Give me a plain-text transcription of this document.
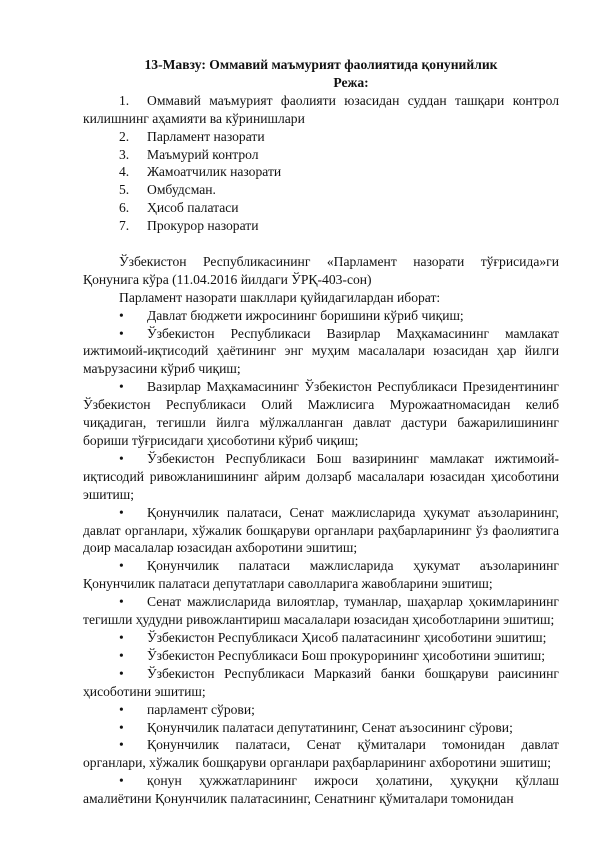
13-Мавзу: Оммавий маъмурият фаолиятида қонунийлик
Режа:
1. Оммавий маъмурият фаолияти юзасидан суддан ташқари контрол килишнинг аҳамияти ва кўринишлари
2.	Парламент назорати
3.	Маъмурий контрол
4.	Жамоатчилик назорати
5.	Омбудсман.
6.	Ҳисоб палатаси
7.	Прокурор назорати
Ўзбекистон Республикасининг «Парламент назорати тўғрисида»ги Қонунига кўра (11.04.2016 йилдаги ЎРҚ-403-сон)
Парламент назорати шакллари қуйидагилардан иборат:
• Давлат бюджети ижросининг боришини кўриб чиқиш;
• Ўзбекистон Республикаси Вазирлар Маҳкамасининг мамлакат ижтимоий-иқтисодий ҳаётининг энг муҳим масалалари юзасидан ҳар йилги маърузасини кўриб чиқиш;
• Вазирлар Маҳкамасининг Ўзбекистон Республикаси Президентининг Ўзбекистон Республикаси Олий Мажлисига Мурожаатномасидан келиб чиқадиган, тегишли йилга мўлжалланган давлат дастури бажарилишининг бориши тўғрисидаги ҳисоботини кўриб чиқиш;
• Ўзбекистон Республикаси Бош вазирининг мамлакат ижтимоий-иқтисодий ривожланишининг айрим долзарб масалалари юзасидан ҳисоботини эшитиш;
• Қонунчилик палатаси, Сенат мажлисларида ҳукумат аъзоларининг, давлат органлари, хўжалик бошқаруви органлари раҳбарларининг ўз фаолиятига доир масалалар юзасидан ахборотини эшитиш;
• Қонунчилик палатаси мажлисларида ҳукумат аъзоларининг Қонунчилик палатаси депутатлари саволларига жавобларини эшитиш;
• Сенат мажлисларида вилоятлар, туманлар, шаҳарлар ҳокимларининг тегишли ҳудудни ривожлантириш масалалари юзасидан ҳисоботларини эшитиш;
• Ўзбекистон Республикаси Ҳисоб палатасининг ҳисоботини эшитиш;
• Ўзбекистон Республикаси Бош прокурорининг ҳисоботини эшитиш;
• Ўзбекистон Республикаси Марказий банки бошқаруви раисининг ҳисоботини эшитиш;
• парламент сўрови;
• Қонунчилик палатаси депутатининг, Сенат аъзосининг сўрови;
• Қонунчилик палатаси, Сенат қўмиталари томонидан давлат органлари, хўжалик бошқаруви органлари раҳбарларининг ахборотини эшитиш;
• қонун ҳужжатларининг ижроси ҳолатини, ҳуқуқни қўллаш амалиётини Қонунчилик палатасининг, Сенатнинг қўмиталари томонидан
